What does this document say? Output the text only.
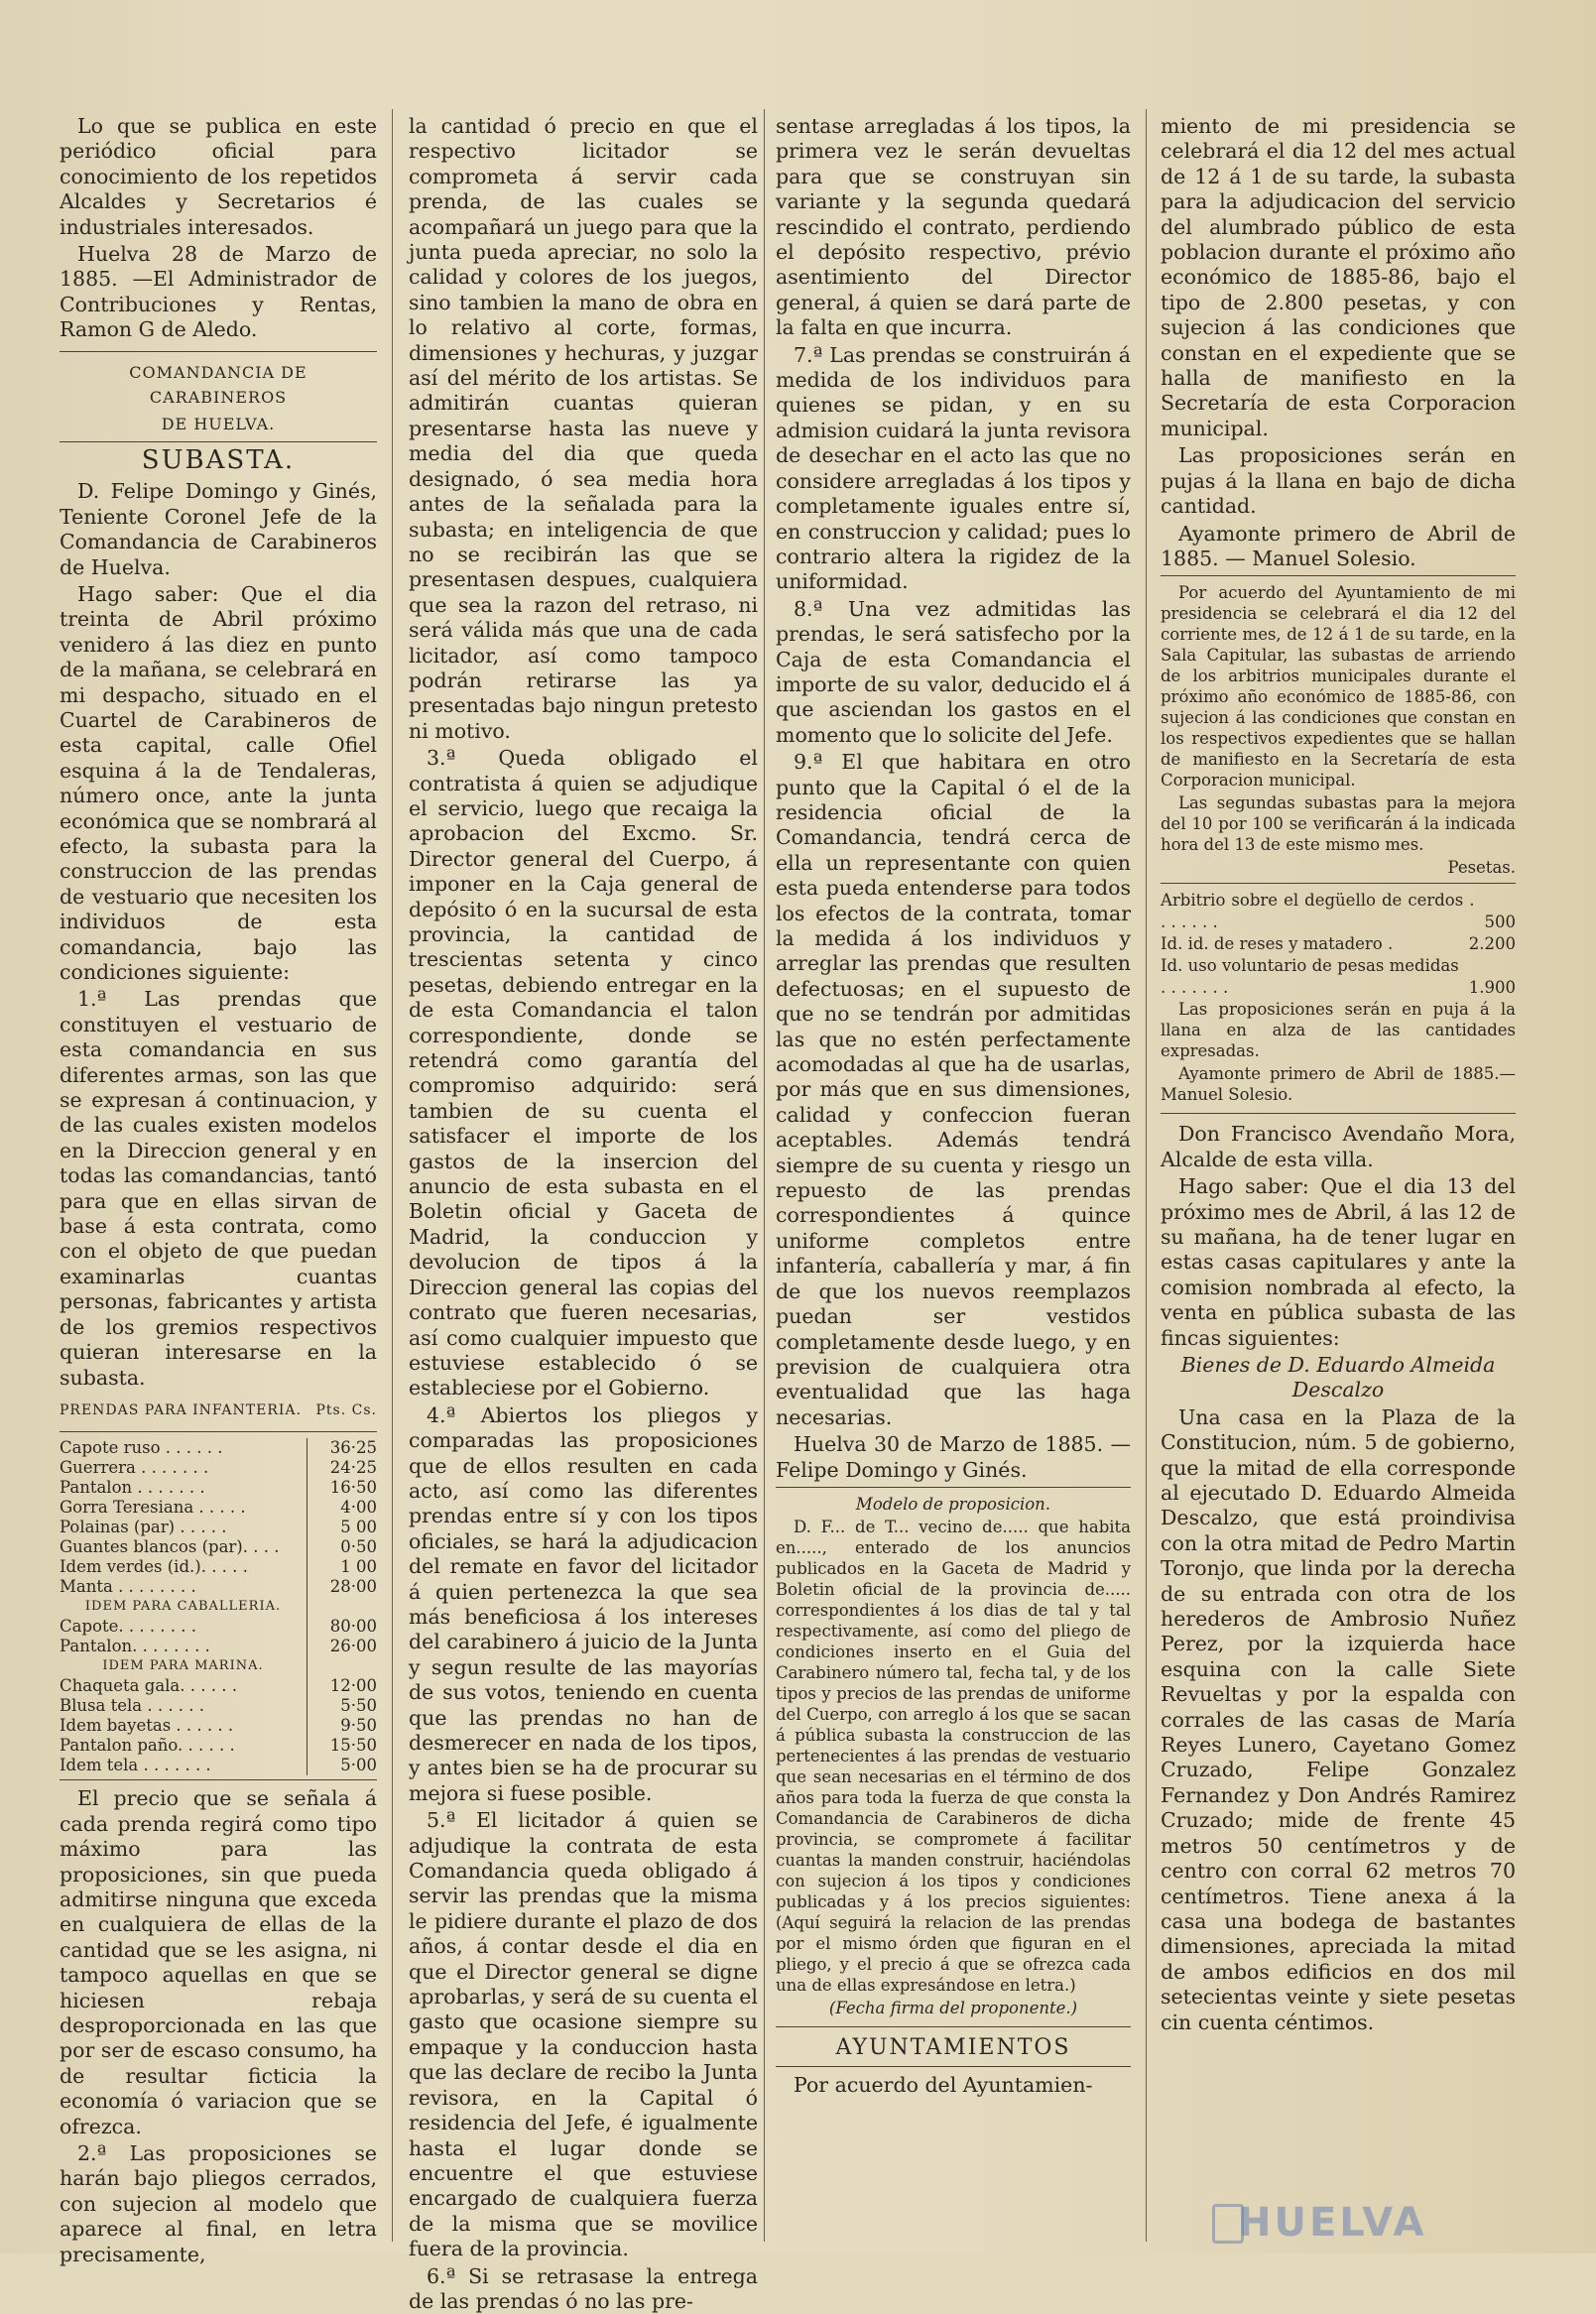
Lo que se publica en este periódico oficial para conocimiento de los repetidos Alcaldes y Secretarios é industriales interesados.

Huelva 28 de Marzo de 1885. —El Administrador de Contribuciones y Rentas, Ramon G de Aledo.

COMANDANCIA DE CARABINEROS

DE HUELVA.

SUBASTA.

D. Felipe Domingo y Ginés, Teniente Coronel Jefe de la Comandancia de Carabineros de Huelva.

Hago saber: Que el dia treinta de Abril próximo venidero á las diez en punto de la mañana, se celebrará en mi despacho, situado en el Cuartel de Carabineros de esta capital, calle Ofiel esquina á la de Tendaleras, número once, ante la junta económica que se nombrará al efecto, la subasta para la construccion de las prendas de vestuario que necesiten los individuos de esta comandancia, bajo las condiciones siguiente:

1.ª Las prendas que constituyen el vestuario de esta comandancia en sus diferentes armas, son las que se expresan á continuacion, y de las cuales existen modelos en la Direccion general y en todas las comandancias, tantó para que en ellas sirvan de base á esta contrata, como con el objeto de que puedan examinarlas cuantas personas, fabricantes y artista de los gremios respectivos quieran interesarse en la subasta.

PRENDAS PARA INFANTERIA. Pts. Cs.
Capote ruso . . . . . .	36·25
Guerrera . . . . . . .	24·25
Pantalon . . . . . . .	16·50
Gorra Teresiana . . . . .	4·00
Polainas (par) . . . . .	5 00
Guantes blancos (par). . . .	0·50
Idem verdes (id.). . . . .	1 00
Manta . . . . . . . .	28·00
IDEM PARA CABALLERIA.	
Capote. . . . . . . .	80·00
Pantalon. . . . . . . .	26·00
IDEM PARA MARINA.	
Chaqueta gala. . . . . .	12·00
Blusa tela . . . . . .	5·50
Idem bayetas . . . . . .	9·50
Pantalon paño. . . . . .	15·50
Idem tela . . . . . . .	5·00

El precio que se señala á cada prenda regirá como tipo máximo para las proposiciones, sin que pueda admitirse ninguna que exceda en cualquiera de ellas de la cantidad que se les asigna, ni tampoco aquellas en que se hiciesen rebaja desproporcionada en las que por ser de escaso consumo, ha de resultar ficticia la economía ó variacion que se ofrezca.

2.ª Las proposiciones se harán bajo pliegos cerrados, con sujecion al modelo que aparece al final, en letra precisamente,

la cantidad ó precio en que el respectivo licitador se comprometa á servir cada prenda, de las cuales se acompañará un juego para que la junta pueda apreciar, no solo la calidad y colores de los juegos, sino tambien la mano de obra en lo relativo al corte, formas, dimensiones y hechuras, y juzgar así del mérito de los artistas. Se admitirán cuantas quieran presentarse hasta las nueve y media del dia que queda designado, ó sea media hora antes de la señalada para la subasta; en inteligencia de que no se recibirán las que se presentasen despues, cualquiera que sea la razon del retraso, ni será válida más que una de cada licitador, así como tampoco podrán retirarse las ya presentadas bajo ningun pretesto ni motivo.

3.ª Queda obligado el contratista á quien se adjudique el servicio, luego que recaiga la aprobacion del Excmo. Sr. Director general del Cuerpo, á imponer en la Caja general de depósito ó en la sucursal de esta provincia, la cantidad de trescientas setenta y cinco pesetas, debiendo entregar en la de esta Comandancia el talon correspondiente, donde se retendrá como garantía del compromiso adquirido: será tambien de su cuenta el satisfacer el importe de los gastos de la insercion del anuncio de esta subasta en el Boletin oficial y Gaceta de Madrid, la conduccion y devolucion de tipos á la Direccion general las copias del contrato que fueren necesarias, así como cualquier impuesto que estuviese establecido ó se estableciese por el Gobierno.

4.ª Abiertos los pliegos y comparadas las proposiciones que de ellos resulten en cada acto, así como las diferentes prendas entre sí y con los tipos oficiales, se hará la adjudicacion del remate en favor del licitador á quien pertenezca la que sea más beneficiosa á los intereses del carabinero á juicio de la Junta y segun resulte de las mayorías de sus votos, teniendo en cuenta que las prendas no han de desmerecer en nada de los tipos, y antes bien se ha de procurar su mejora si fuese posible.

5.ª El licitador á quien se adjudique la contrata de esta Comandancia queda obligado á servir las prendas que la misma le pidiere durante el plazo de dos años, á contar desde el dia en que el Director general se digne aprobarlas, y será de su cuenta el gasto que ocasione siempre su empaque y la conduccion hasta que las declare de recibo la Junta revisora, en la Capital ó residencia del Jefe, é igualmente hasta el lugar donde se encuentre el que estuviese encargado de cualquiera fuerza de la misma que se movilice fuera de la provincia.

6.ª Si se retrasase la entrega de las prendas ó no las pre-

sentase arregladas á los tipos, la primera vez le serán devueltas para que se construyan sin variante y la segunda quedará rescindido el contrato, perdiendo el depósito respectivo, prévio asentimiento del Director general, á quien se dará parte de la falta en que incurra.

7.ª Las prendas se construirán á medida de los individuos para quienes se pidan, y en su admision cuidará la junta revisora de desechar en el acto las que no considere arregladas á los tipos y completamente iguales entre sí, en construccion y calidad; pues lo contrario altera la rigidez de la uniformidad.

8.ª Una vez admitidas las prendas, le será satisfecho por la Caja de esta Comandancia el importe de su valor, deducido el á que asciendan los gastos en el momento que lo solicite del Jefe.

9.ª El que habitara en otro punto que la Capital ó el de la residencia oficial de la Comandancia, tendrá cerca de ella un representante con quien esta pueda entenderse para todos los efectos de la contrata, tomar la medida á los individuos y arreglar las prendas que resulten defectuosas; en el supuesto de que no se tendrán por admitidas las que no estén perfectamente acomodadas al que ha de usarlas, por más que en sus dimensiones, calidad y confeccion fueran aceptables. Además tendrá siempre de su cuenta y riesgo un repuesto de las prendas correspondientes á quince uniforme completos entre infantería, caballería y mar, á fin de que los nuevos reemplazos puedan ser vestidos completamente desde luego, y en prevision de cualquiera otra eventualidad que las haga necesarias.

Huelva 30 de Marzo de 1885. —Felipe Domingo y Ginés.

Modelo de proposicion.

D. F... de T... vecino de..... que habita en....., enterado de los anuncios publicados en la Gaceta de Madrid y Boletin oficial de la provincia de..... correspondientes á los dias de tal y tal respectivamente, así como del pliego de condiciones inserto en el Guia del Carabinero número tal, fecha tal, y de los tipos y precios de las prendas de uniforme del Cuerpo, con arreglo á los que se sacan á pública subasta la construccion de las pertenecientes á las prendas de vestuario que sean necesarias en el término de dos años para toda la fuerza de que consta la Comandancia de Carabineros de dicha provincia, se compromete á facilitar cuantas la manden construir, haciéndolas con sujecion á los tipos y condiciones publicadas y á los precios siguientes: (Aquí seguirá la relacion de las prendas por el mismo órden que figuran en el pliego, y el precio á que se ofrezca cada una de ellas expresándose en letra.)

(Fecha firma del proponente.)

AYUNTAMIENTOS

Por acuerdo del Ayuntamien-

miento de mi presidencia se celebrará el dia 12 del mes actual de 12 á 1 de su tarde, la subasta para la adjudicacion del servicio del alumbrado público de esta poblacion durante el próximo año económico de 1885-86, bajo el tipo de 2.800 pesetas, y con sujecion á las condiciones que constan en el expediente que se halla de manifiesto en la Secretaría de esta Corporacion municipal.

Las proposiciones serán en pujas á la llana en bajo de dicha cantidad.

Ayamonte primero de Abril de 1885. — Manuel Solesio.

Por acuerdo del Ayuntamiento de mi presidencia se celebrará el dia 12 del corriente mes, de 12 á 1 de su tarde, en la Sala Capitular, las subastas de arriendo de los arbitrios municipales durante el próximo año económico de 1885-86, con sujecion á las condiciones que constan en los respectivos expedientes que se hallan de manifiesto en la Secretaría de esta Corporacion municipal.

Las segundas subastas para la mejora del 10 por 100 se verificarán á la indicada hora del 13 de este mismo mes.

Pesetas.
Arbitrio sobre el degüello de cerdos . . . . . . .	500
Id. id. de reses y matadero .	2.200
Id. uso voluntario de pesas medidas . . . . . . .	1.900

Las proposiciones serán en puja á la llana en alza de las cantidades expresadas.

Ayamonte primero de Abril de 1885.—Manuel Solesio.

Don Francisco Avendaño Mora, Alcalde de esta villa.

Hago saber: Que el dia 13 del próximo mes de Abril, á las 12 de su mañana, ha de tener lugar en estas casas capitulares y ante la comision nombrada al efecto, la venta en pública subasta de las fincas siguientes:

Bienes de D. Eduardo Almeida Descalzo

Una casa en la Plaza de la Constitucion, núm. 5 de gobierno, que la mitad de ella corresponde al ejecutado D. Eduardo Almeida Descalzo, que está proindivisa con la otra mitad de Pedro Martin Toronjo, que linda por la derecha de su entrada con otra de los herederos de Ambrosio Nuñez Perez, por la izquierda hace esquina con la calle Siete Revueltas y por la espalda con corrales de las casas de María Reyes Lunero, Cayetano Gomez Cruzado, Felipe Gonzalez Fernandez y Don Andrés Ramirez Cruzado; mide de frente 45 metros 50 centímetros y de centro con corral 62 metros 70 centímetros. Tiene anexa á la casa una bodega de bastantes dimensiones, apreciada la mitad de ambos edificios en dos mil setecientas veinte y siete pesetas cin cuenta céntimos.

HUELVA
